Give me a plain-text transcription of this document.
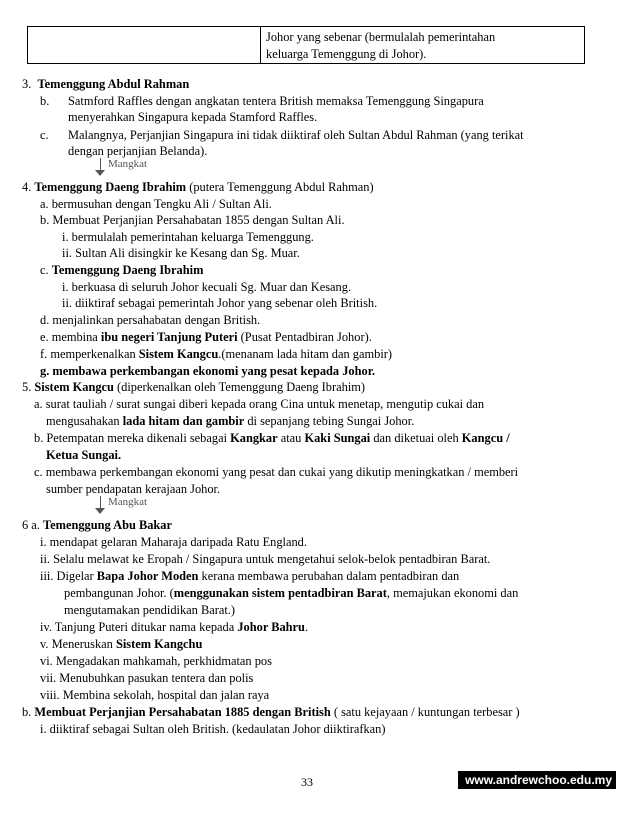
Johor yang sebenar (bermulalah pemerintahan
keluarga Temenggung di Johor).
3. Temenggung Abdul Rahman
b. Satmford Raffles dengan angkatan tentera British memaksa Temenggung Singapura
menyerahkan Singapura kepada Stamford Raffles.
c. Malangnya, Perjanjian Singapura ini tidak diiktiraf oleh Sultan Abdul Rahman (yang terikat
dengan perjanjian Belanda).
Mangkat
4. Temenggung Daeng Ibrahim (putera Temenggung Abdul Rahman)
a. bermusuhan dengan Tengku Ali / Sultan Ali.
b. Membuat Perjanjian Persahabatan 1855 dengan Sultan Ali.
i. bermulalah pemerintahan keluarga Temenggung.
ii. Sultan Ali disingkir ke Kesang dan Sg. Muar.
c. Temenggung Daeng Ibrahim
i. berkuasa di seluruh Johor kecuali Sg. Muar dan Kesang.
ii. diiktiraf sebagai pemerintah Johor yang sebenar oleh British.
d. menjalinkan persahabatan dengan British.
e. membina ibu negeri Tanjung Puteri (Pusat Pentadbiran Johor).
f. memperkenalkan Sistem Kangcu.(menanam lada hitam dan gambir)
g. membawa perkembangan ekonomi yang pesat kepada Johor.
5. Sistem Kangcu (diperkenalkan oleh Temenggung Daeng Ibrahim)
a. surat tauliah / surat sungai diberi kepada orang Cina untuk menetap, mengutip cukai dan
mengusahakan lada hitam dan gambir di sepanjang tebing Sungai Johor.
b. Petempatan mereka dikenali sebagai Kangkar atau Kaki Sungai dan diketuai oleh Kangcu /
Ketua Sungai.
c. membawa perkembangan ekonomi yang pesat dan cukai yang dikutip meningkatkan / memberi
sumber pendapatan kerajaan Johor.
Mangkat
6 a. Temenggung Abu Bakar
i. mendapat gelaran Maharaja daripada Ratu England.
ii. Selalu melawat ke Eropah / Singapura untuk mengetahui selok-belok pentadbiran Barat.
iii. Digelar Bapa Johor Moden kerana membawa perubahan dalam pentadbiran dan
pembangunan Johor. (menggunakan sistem pentadbiran Barat, memajukan ekonomi dan
mengutamakan pendidikan Barat.)
iv. Tanjung Puteri ditukar nama kepada Johor Bahru.
v. Meneruskan Sistem Kangchu
vi. Mengadakan mahkamah, perkhidmatan pos
vii. Menubuhkan pasukan tentera dan polis
viii. Membina sekolah, hospital dan jalan raya
b. Membuat Perjanjian Persahabatan 1885 dengan British ( satu kejayaan / kuntungan terbesar )
i. diiktiraf sebagai Sultan oleh British. (kedaulatan Johor diiktirafkan)
33	www.andrewchoo.edu.my
